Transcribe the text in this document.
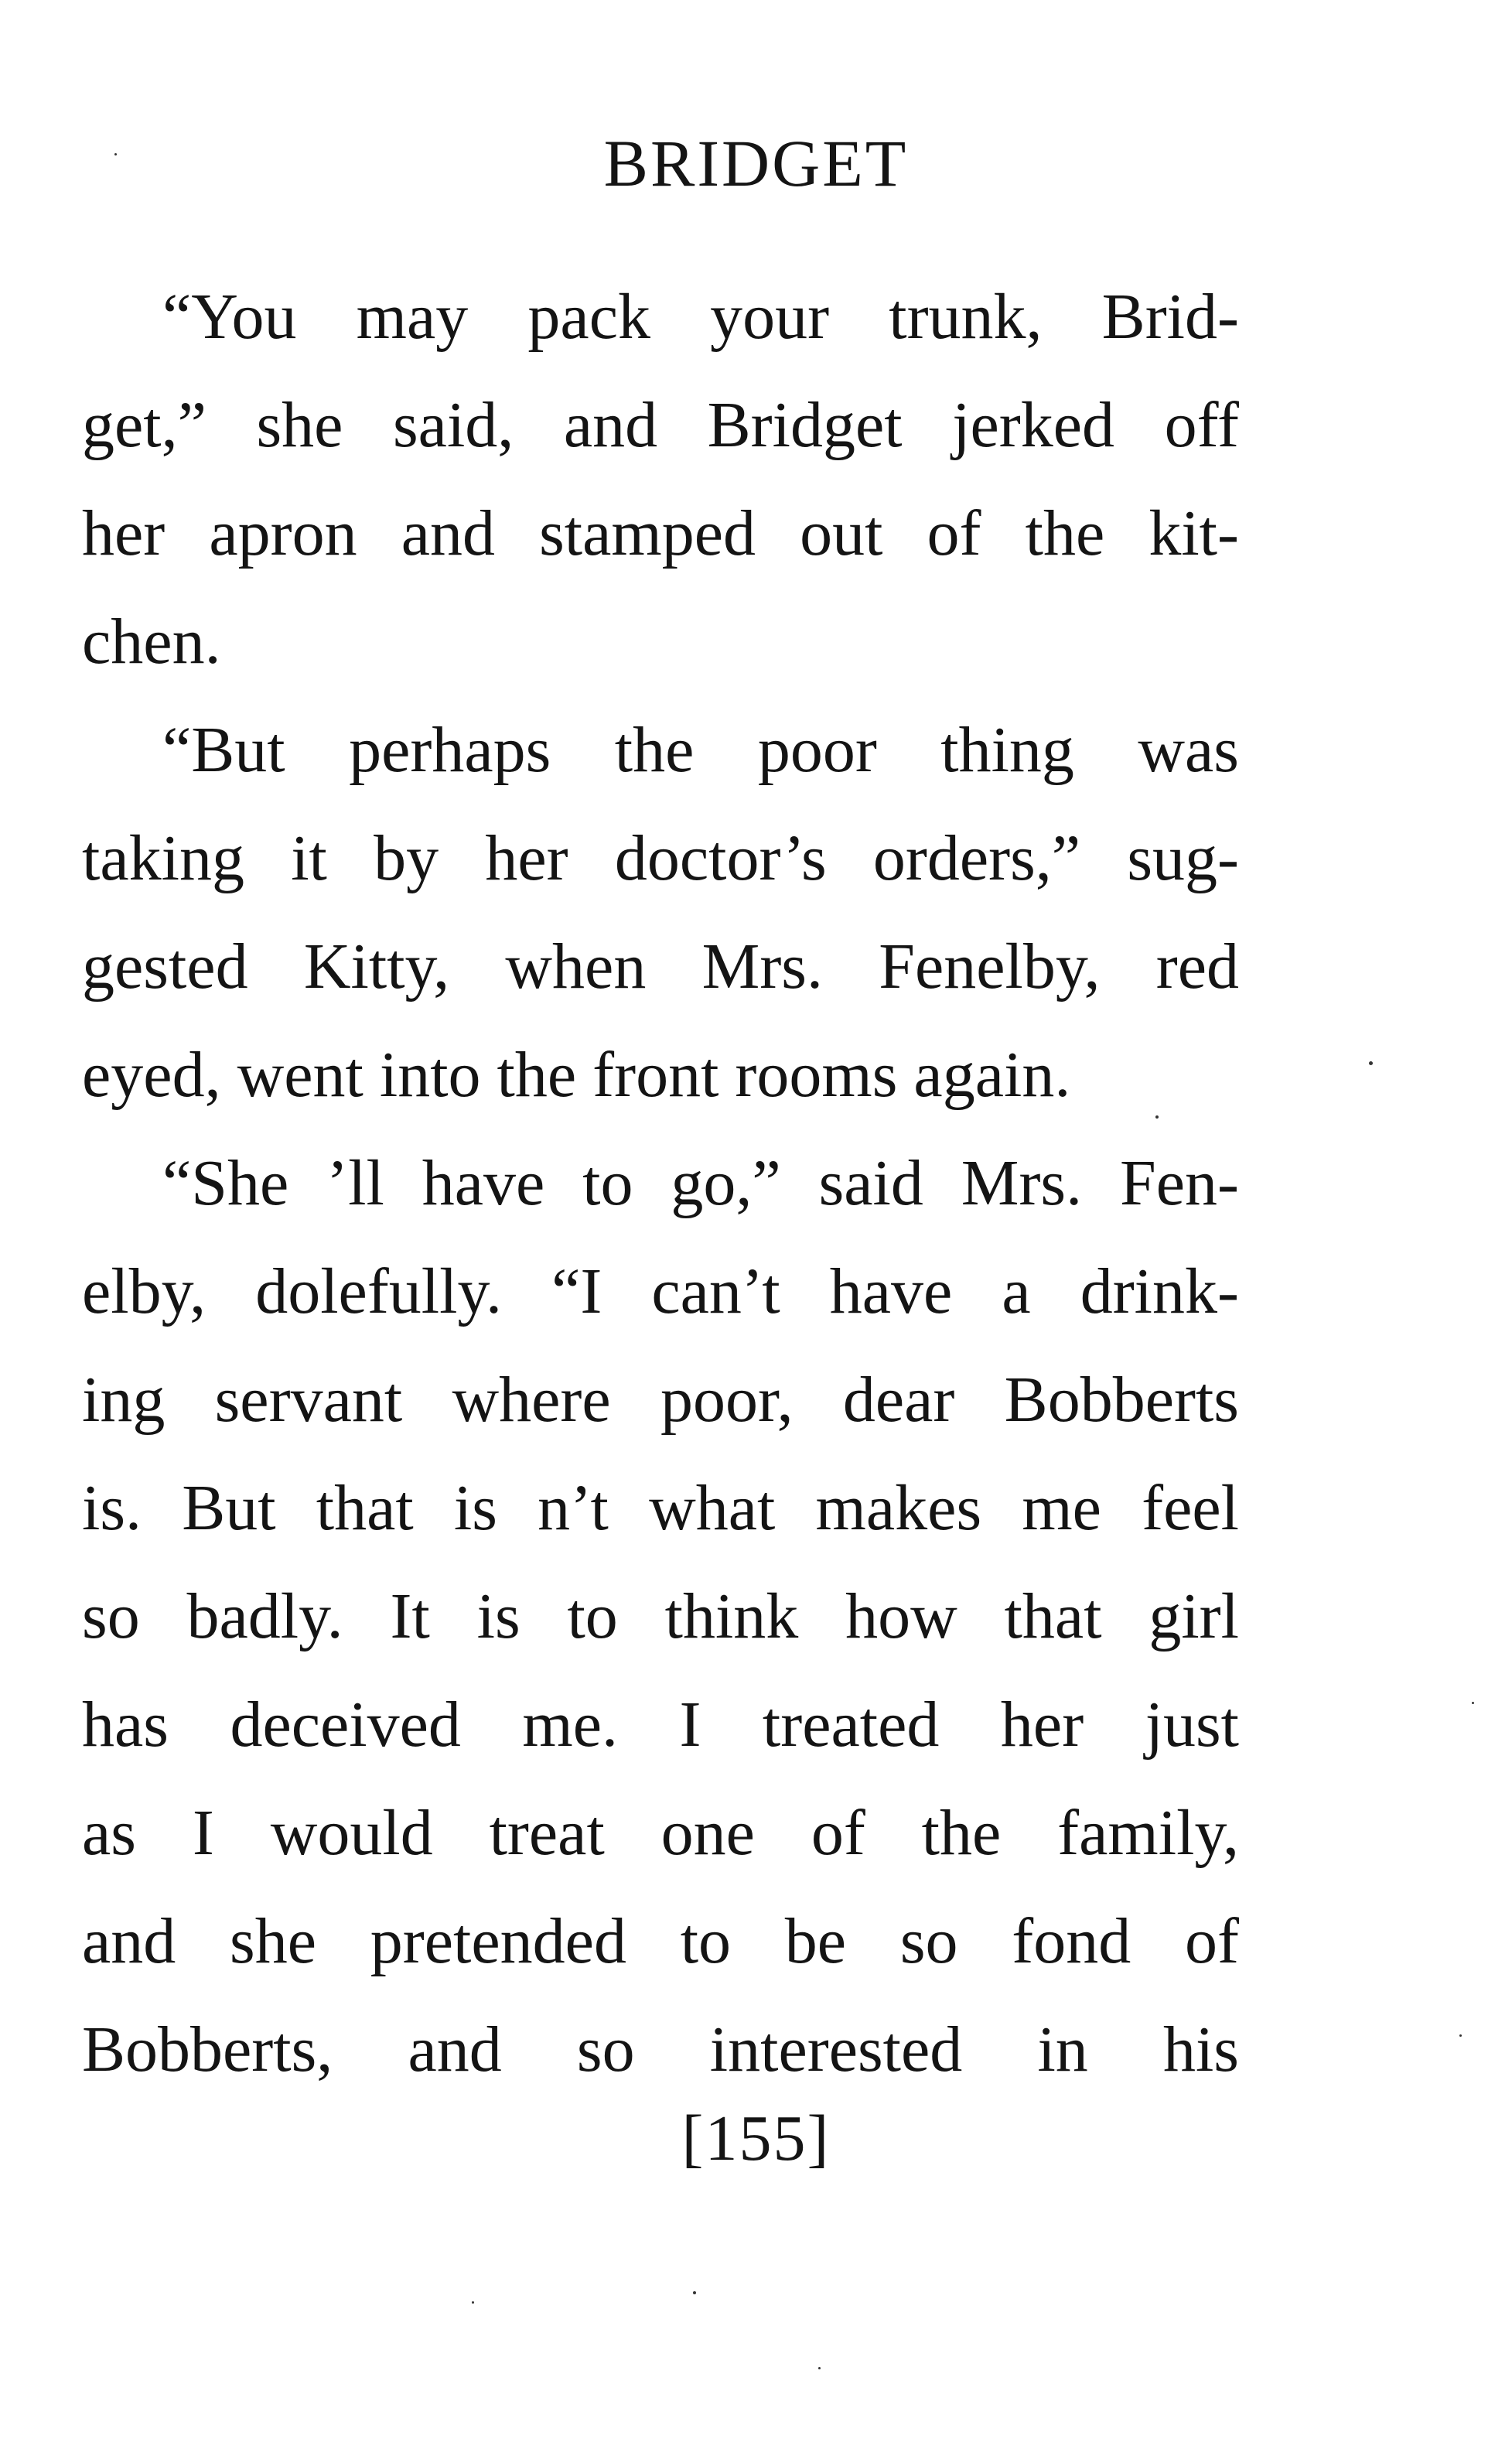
BRIDGET
“You may pack your trunk, Brid-
get,” she said, and Bridget jerked off
her apron and stamped out of the kit-
chen.
“But perhaps the poor thing was
taking it by her doctor’s orders,” sug-
gested Kitty, when Mrs. Fenelby, red
eyed, went into the front rooms again.
“She ’ll have to go,” said Mrs. Fen-
elby, dolefully. “I can’t have a drink-
ing servant where poor, dear Bobberts
is. But that is n’t what makes me feel
so badly. It is to think how that girl
has deceived me. I treated her just
as I would treat one of the family,
and she pretended to be so fond of
Bobberts, and so interested in his
[155]
